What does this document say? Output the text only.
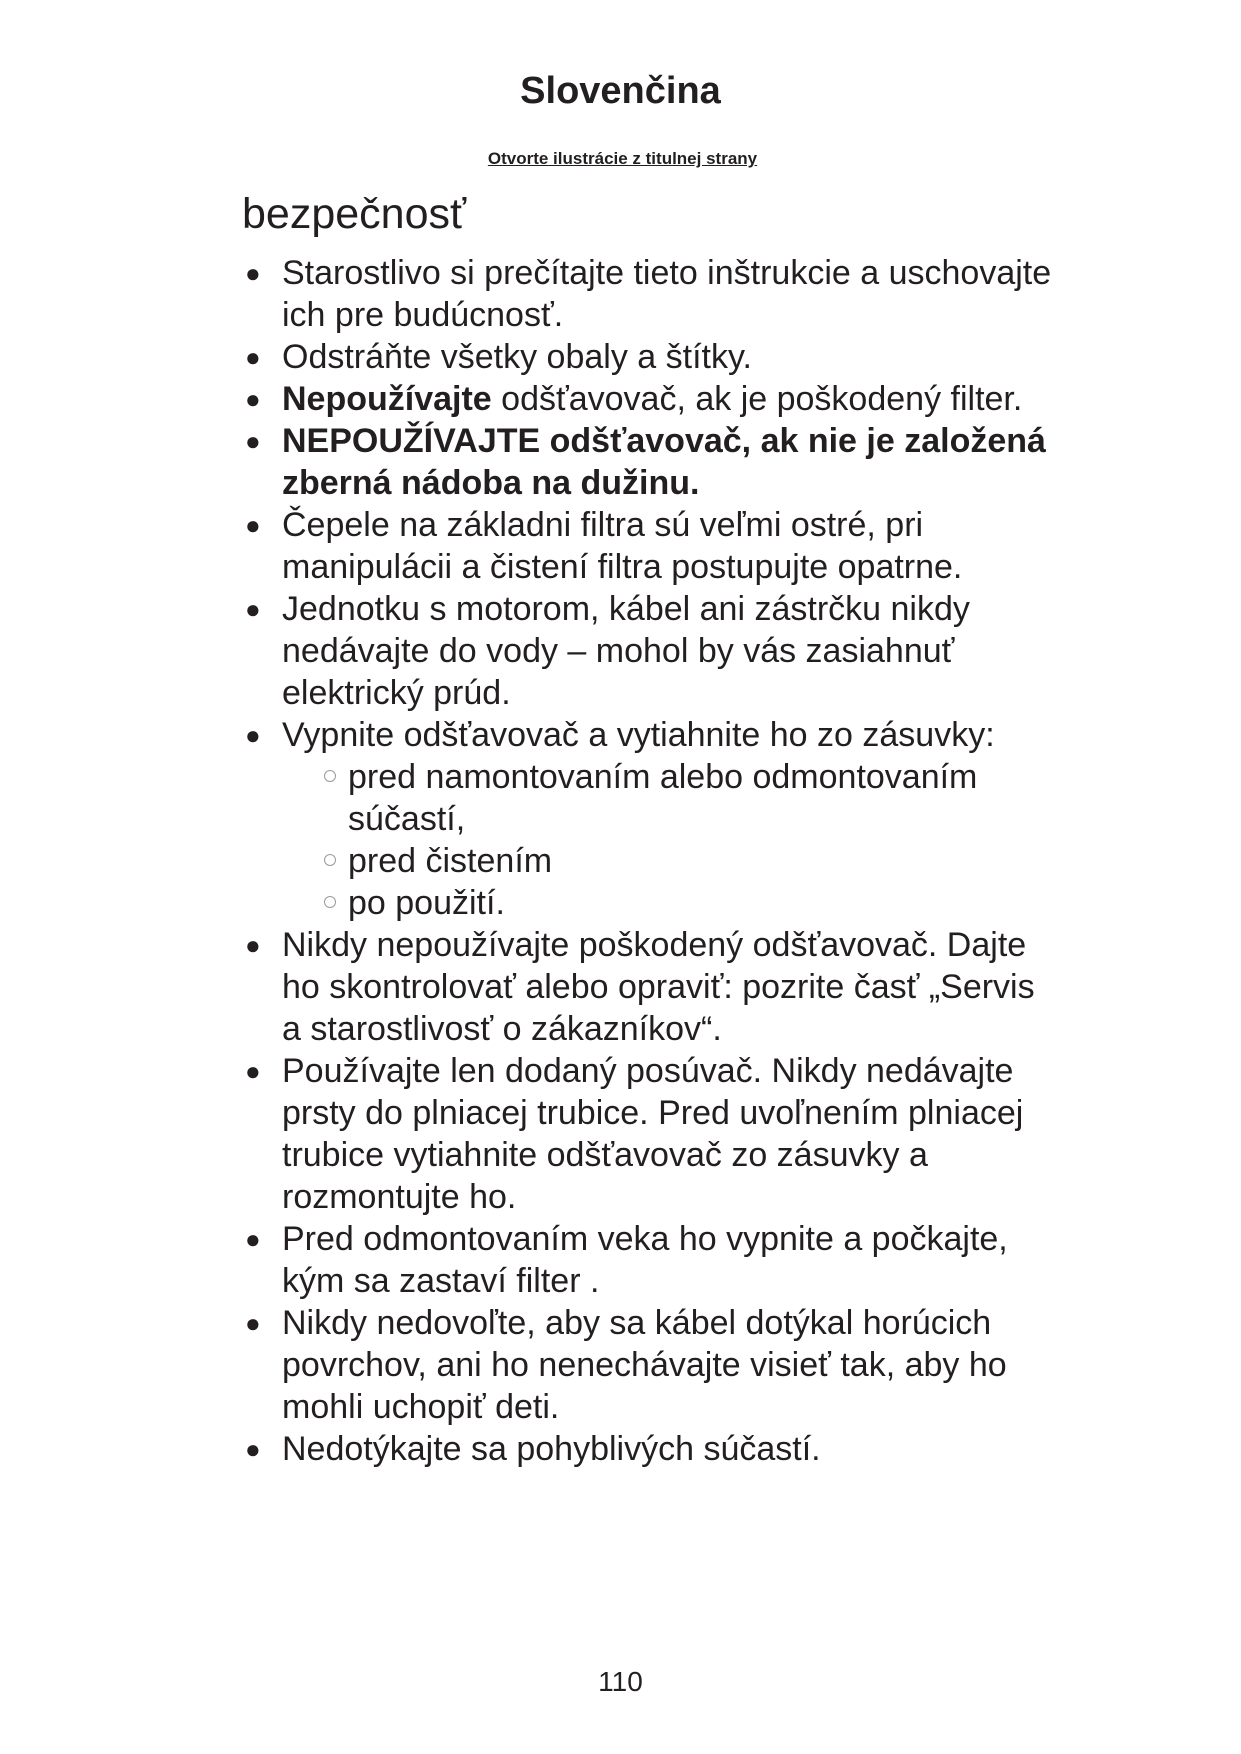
Slovenčina
Otvorte ilustrácie z titulnej strany
bezpečnosť
● Starostlivo si prečítajte tieto inštrukcie a uschovajte ich pre budúcnosť.
● Odstráňte všetky obaly a štítky.
● Nepoužívajte odšťavovač, ak je poškodený filter.
● NEPOUŽÍVAJTE odšťavovač, ak nie je založená zberná nádoba na dužinu.
● Čepele na základni filtra sú veľmi ostré, pri manipulácii a čistení filtra postupujte opatrne.
● Jednotku s motorom, kábel ani zástrčku nikdy nedávajte do vody – mohol by vás zasiahnuť elektrický prúd.
● Vypnite odšťavovač a vytiahnite ho zo zásuvky:
pred namontovaním alebo odmontovaním súčastí,
pred čistením
po použití.
● Nikdy nepoužívajte poškodený odšťavovač. Dajte ho skontrolovať alebo opraviť: pozrite časť „Servis a starostlivosť o zákazníkov“.
● Používajte len dodaný posúvač. Nikdy nedávajte prsty do plniacej trubice. Pred uvoľnením plniacej trubice vytiahnite odšťavovač zo zásuvky a rozmontujte ho.
● Pred odmontovaním veka ho vypnite a počkajte, kým sa zastaví filter .
● Nikdy nedovoľte, aby sa kábel dotýkal horúcich povrchov, ani ho nenechávajte visieť tak, aby ho mohli uchopiť deti.
● Nedotýkajte sa pohyblivých súčastí.
110
